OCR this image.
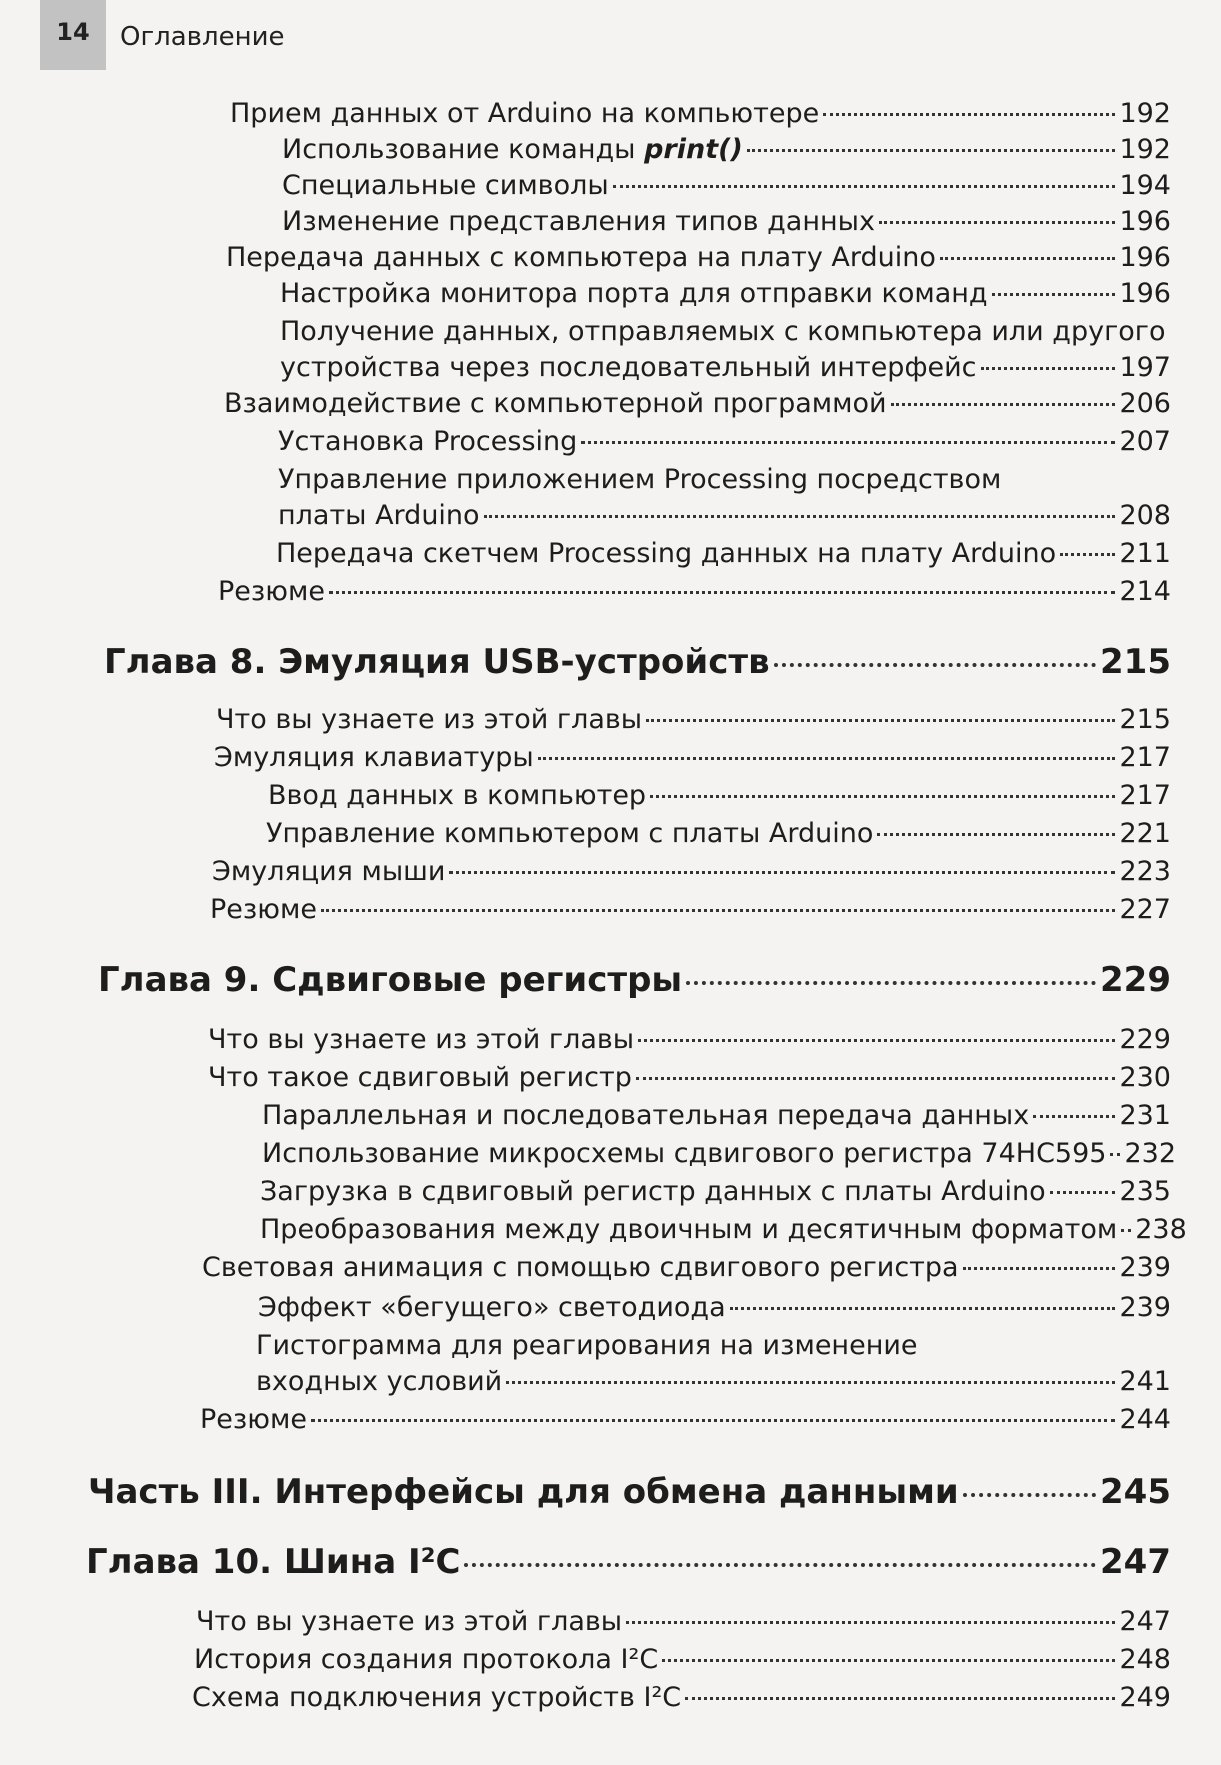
14	Оглавление
Прием данных от Arduino на компьютере	192
Использование команды print()	192
Специальные символы	194
Изменение представления типов данных	196
Передача данных с компьютера на плату Arduino	196
Настройка монитора порта для отправки команд	196
Получение данных, отправляемых с компьютера или другого
устройства через последовательный интерфейс	197
Взаимодействие с компьютерной программой	206
Установка Processing	207
Управление приложением Processing посредством
платы Arduino	208
Передача скетчем Processing данных на плату Arduino 211
Резюме	214
Глава 8. Эмуляция USB-устройств	215
Что вы узнаете из этой главы	215
Эмуляция клавиатуры	217
Ввод данных в компьютер	217
Управление компьютером с платы Arduino	221
Эмуляция мыши	223
Резюме	227
Глава 9. Сдвиговые регистры	229
Что вы узнаете из этой главы	229
Что такое сдвиговый регистр	230
Параллельная и последовательная передача данных	231
Использование микросхемы сдвигового регистра 74HC595 232
Загрузка в сдвиговый регистр данных с платы Arduino	235
Преобразования между двоичным и десятичным форматом 238
Световая анимация с помощью сдвигового регистра	239
Эффект «бегущего» светодиода	239
Гистограмма для реагирования на изменение
входных условий	241
Резюме	244
Часть III. Интерфейсы для обмена данными	245
Глава 10. Шина I²C	247
Что вы узнаете из этой главы	247
История создания протокола I²C	248
Схема подключения устройств I²C	249
